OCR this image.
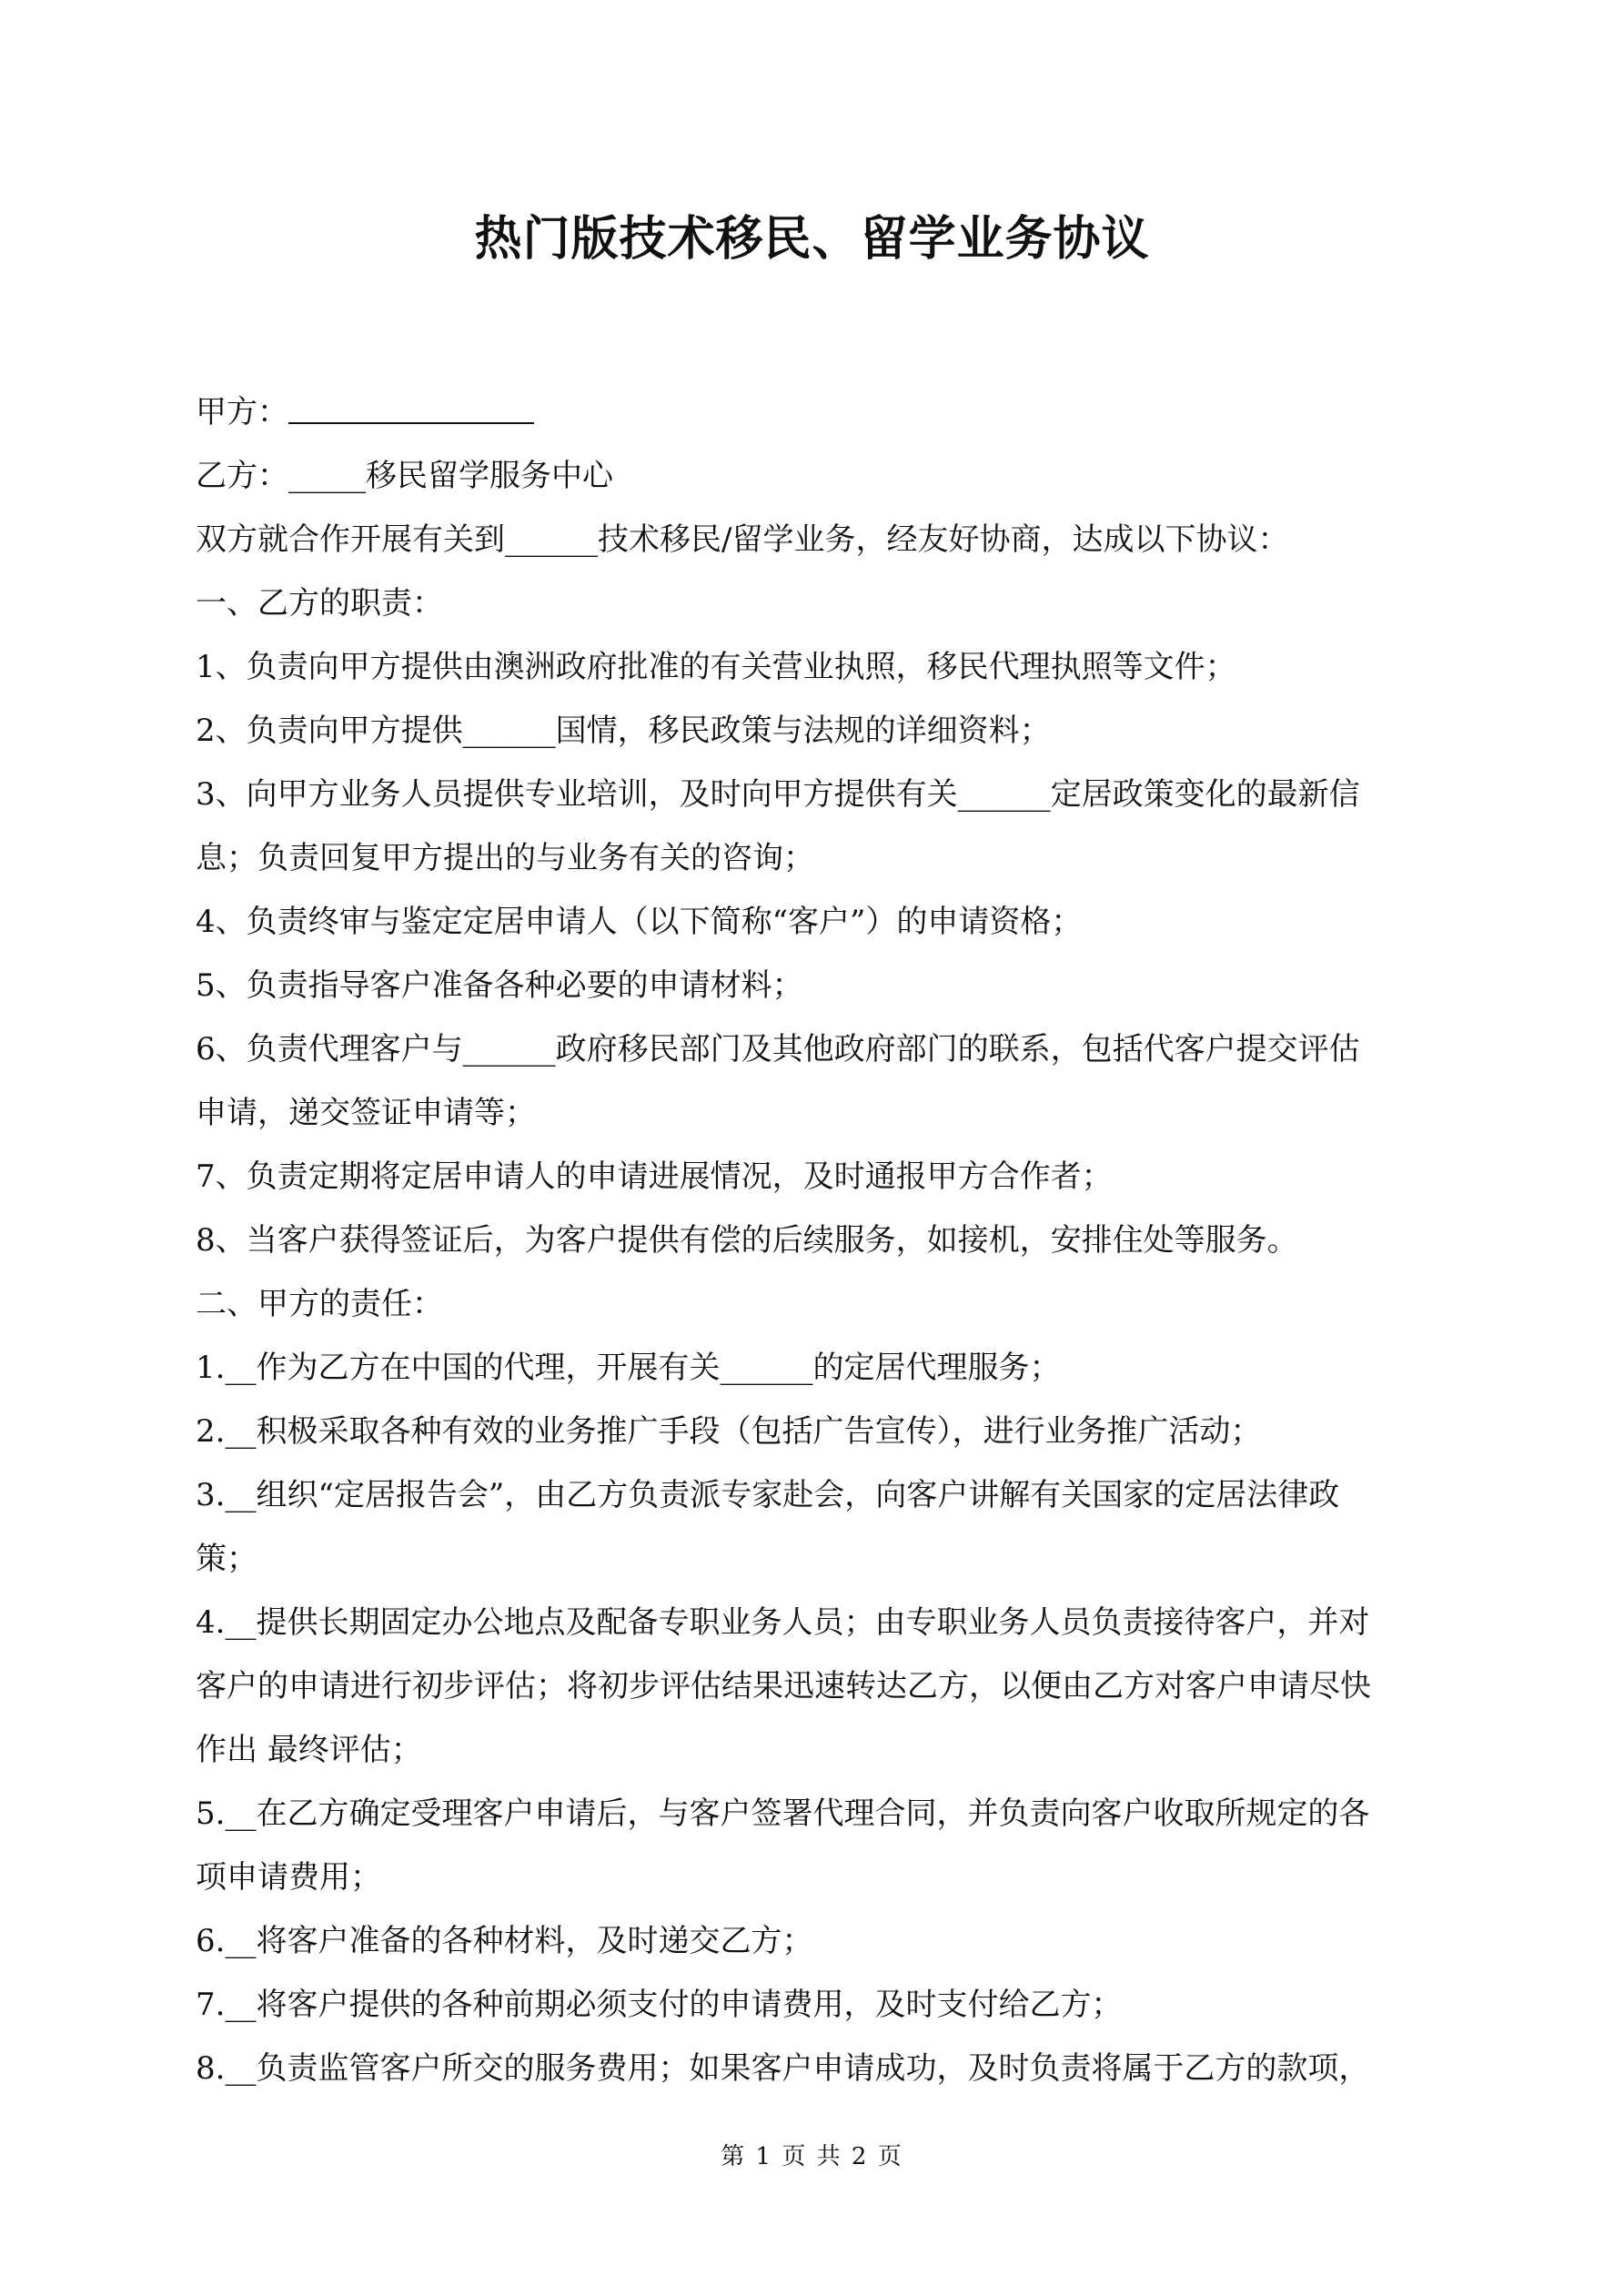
热门版技术移民、留学业务协议

甲方：

乙方：_____移民留学服务中心

双方就合作开展有关到______技术移民/留学业务，经友好协商，达成以下协议：

一、乙方的职责：

1、负责向甲方提供由澳洲政府批准的有关营业执照，移民代理执照等文件；

2、负责向甲方提供______国情，移民政策与法规的详细资料；

3、向甲方业务人员提供专业培训，及时向甲方提供有关______定居政策变化的最新信

息；负责回复甲方提出的与业务有关的咨询；

4、负责终审与鉴定定居申请人（以下简称“客户”）的申请资格；

5、负责指导客户准备各种必要的申请材料；

6、负责代理客户与______政府移民部门及其他政府部门的联系，包括代客户提交评估

申请，递交签证申请等；

7、负责定期将定居申请人的申请进展情况，及时通报甲方合作者；

8、当客户获得签证后，为客户提供有偿的后续服务，如接机，安排住处等服务。

二、甲方的责任：

1.__作为乙方在中国的代理，开展有关______的定居代理服务；

2.__积极采取各种有效的业务推广手段（包括广告宣传），进行业务推广活动；

3.__组织“定居报告会”，由乙方负责派专家赴会，向客户讲解有关国家的定居法律政

策；

4.__提供长期固定办公地点及配备专职业务人员；由专职业务人员负责接待客户，并对

客户的申请进行初步评估；将初步评估结果迅速转达乙方，以便由乙方对客户申请尽快

作出 最终评估；

5.__在乙方确定受理客户申请后，与客户签署代理合同，并负责向客户收取所规定的各

项申请费用；

6.__将客户准备的各种材料，及时递交乙方；

7.__将客户提供的各种前期必须支付的申请费用，及时支付给乙方；

8.__负责监管客户所交的服务费用；如果客户申请成功，及时负责将属于乙方的款项，

第 1 页 共 2 页
